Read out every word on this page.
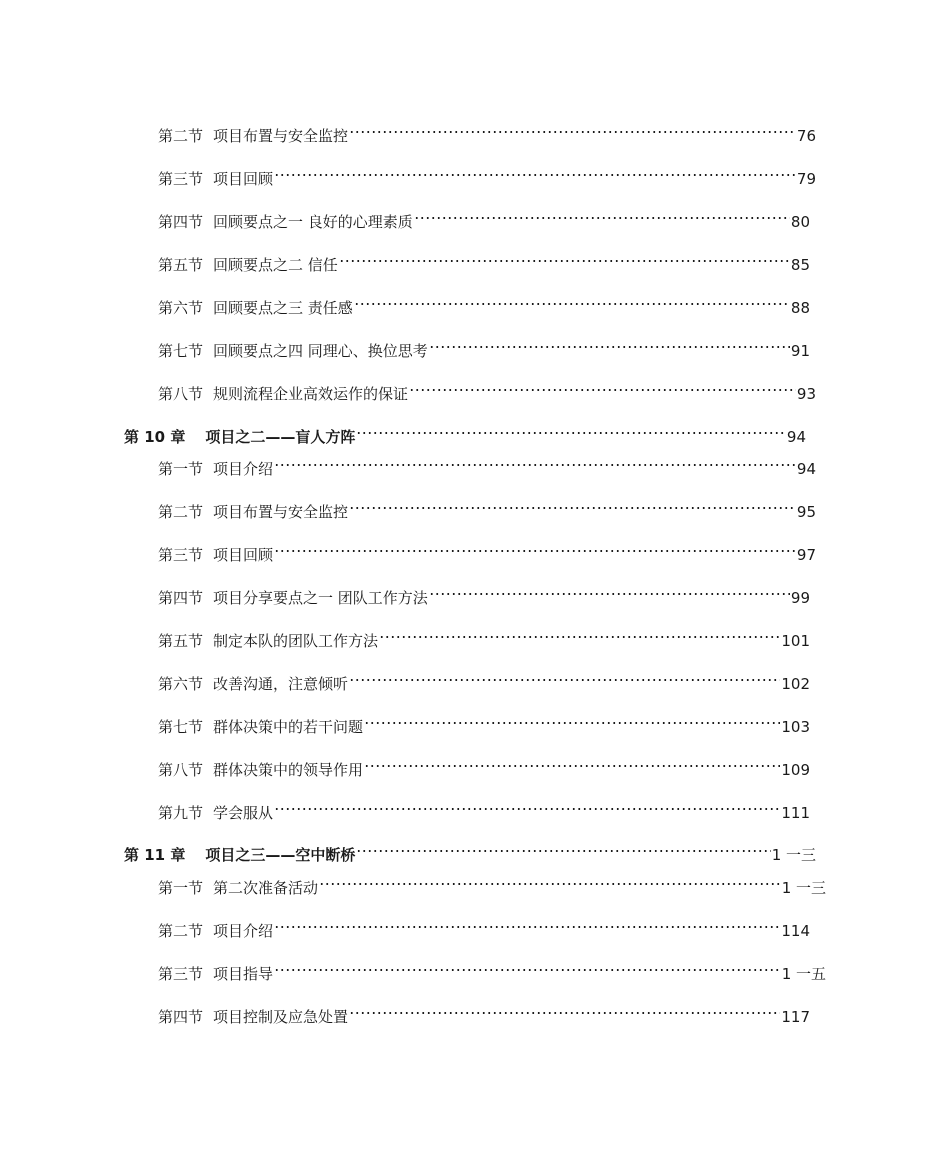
第二节 项目布置与安全监控	76
第三节 项目回顾	79
第四节 回顾要点之一 良好的心理素质	80
第五节 回顾要点之二 信任	85
第六节 回顾要点之三 责任感	88
第七节 回顾要点之四 同理心、换位思考	91
第八节 规则流程企业高效运作的保证	93
第 10 章	项目之二——盲人方阵	94
第一节 项目介绍	94
第二节 项目布置与安全监控	95
第三节 项目回顾	97
第四节 项目分享要点之一 团队工作方法	99
第五节 制定本队的团队工作方法	101
第六节 改善沟通，注意倾听	102
第七节 群体决策中的若干问题	103
第八节 群体决策中的领导作用	109
第九节 学会服从	111
第 11 章	项目之三——空中断桥	1 一三
第一节 第二次准备活动	1 一三
第二节 项目介绍	114
第三节 项目指导	1 一五
第四节 项目控制及应急处置	117
